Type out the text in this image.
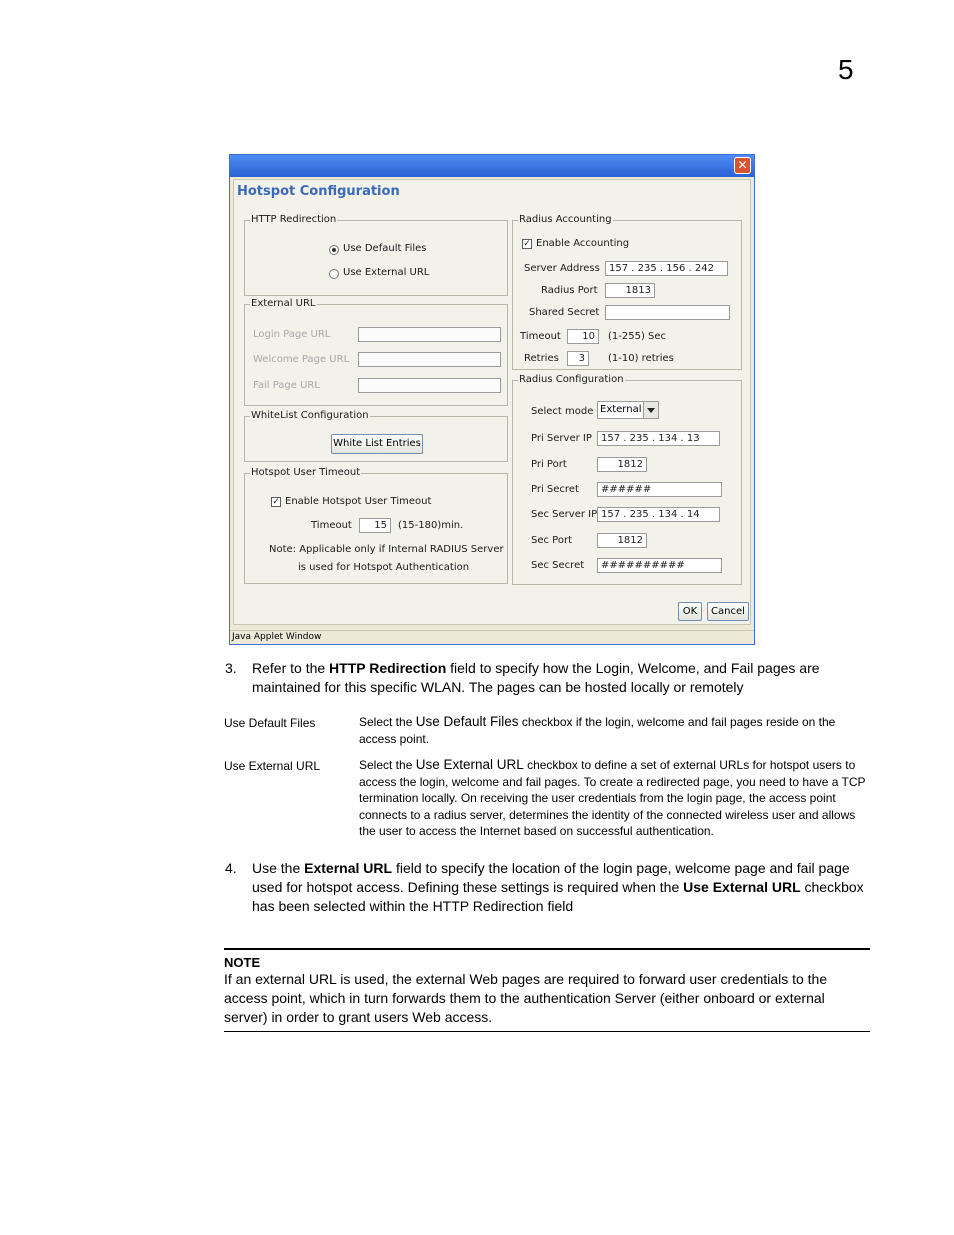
5
✕
Hotspot Configuration
HTTP Redirection
Use Default Files
Use External URL
External URL
Login Page URL
Welcome Page URL
Fail Page URL
WhiteList Configuration
White List Entries
Hotspot User Timeout
✓ Enable Hotspot User Timeout
Timeout	15	(15-180)min.
Note: Applicable only if Internal RADIUS Server
is used for Hotspot Authentication
Radius Accounting
✓ Enable Accounting
Server Address 157 . 235 . 156 . 242
Radius Port	1813
Shared Secret
Timeout	10	(1-255) Sec
Retries	3	(1-10) retries
Radius Configuration
Select mode External
Pri Server IP 157 . 235 . 134 . 13
Pri Port	1812
Pri Secret	######
Sec Server IP 157 . 235 . 134 . 14
Sec Port	1812
Sec Secret	##########
OK	Cancel
Java Applet Window
3. Refer to the HTTP Redirection field to specify how the Login, Welcome, and Fail pages are maintained for this specific WLAN. The pages can be hosted locally or remotely
Use Default Files	Select the Use Default Files checkbox if the login, welcome and fail pages reside on the access point.
Use External URL	Select the Use External URL checkbox to define a set of external URLs for hotspot users to access the login, welcome and fail pages. To create a redirected page, you need to have a TCP termination locally. On receiving the user credentials from the login page, the access point connects to a radius server, determines the identity of the connected wireless user and allows the user to access the Internet based on successful authentication.
4. Use the External URL field to specify the location of the login page, welcome page and fail page used for hotspot access. Defining these settings is required when the Use External URL checkbox has been selected within the HTTP Redirection field
NOTE
If an external URL is used, the external Web pages are required to forward user credentials to the access point, which in turn forwards them to the authentication Server (either onboard or external server) in order to grant users Web access.
